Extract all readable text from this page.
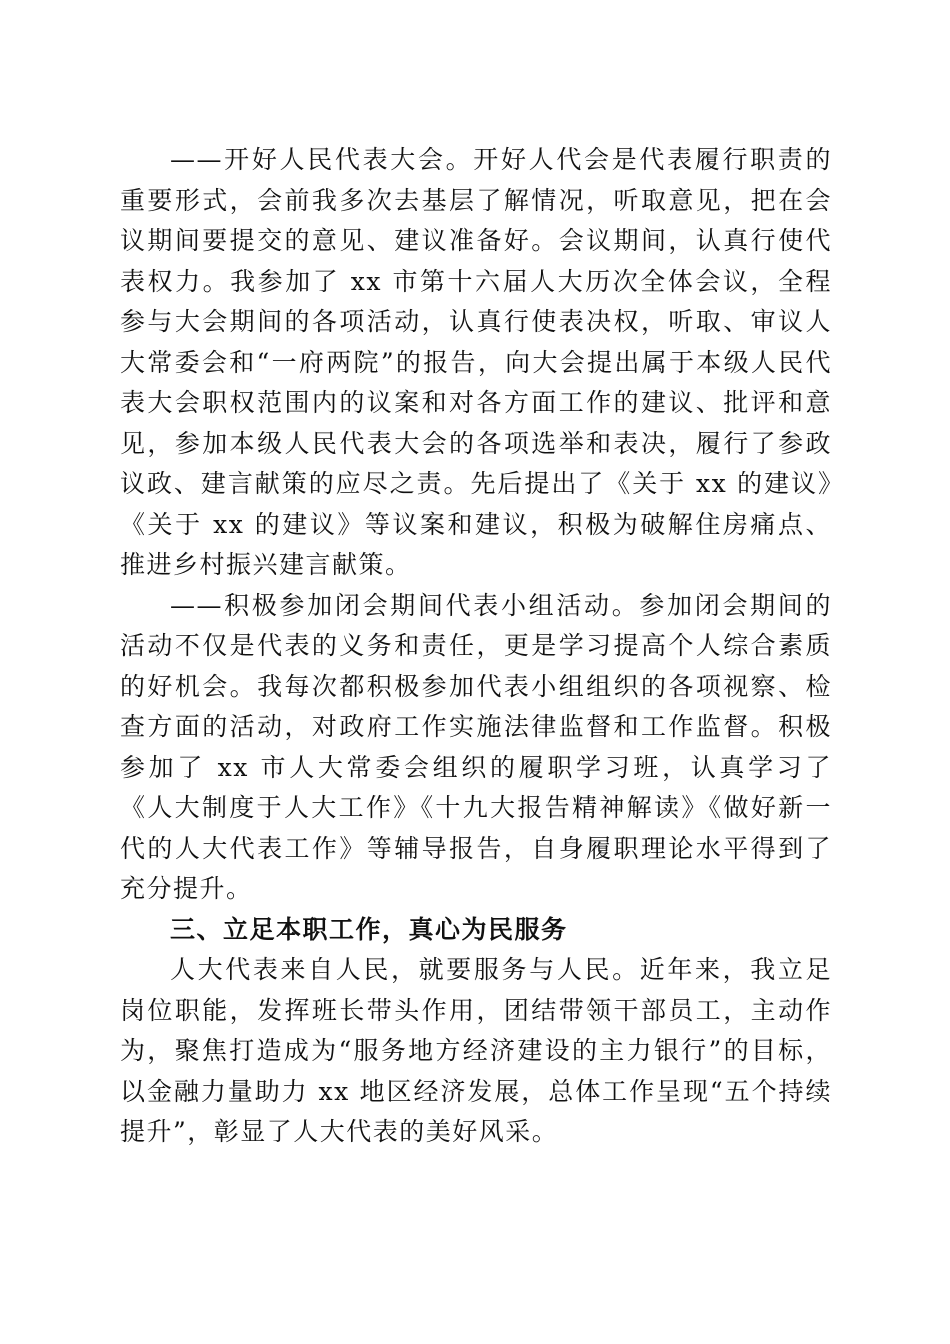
——开好人民代表大会。开好人代会是代表履行职责的重要形式，会前我多次去基层了解情况，听取意见，把在会议期间要提交的意见、建议准备好。会议期间，认真行使代表权力。我参加了 xx 市第十六届人大历次全体会议，全程参与大会期间的各项活动，认真行使表决权，听取、审议人大常委会和“一府两院”的报告，向大会提出属于本级人民代表大会职权范围内的议案和对各方面工作的建议、批评和意见，参加本级人民代表大会的各项选举和表决，履行了参政议政、建言献策的应尽之责。先后提出了《关于 xx 的建议》《关于 xx 的建议》等议案和建议，积极为破解住房痛点、推进乡村振兴建言献策。

——积极参加闭会期间代表小组活动。参加闭会期间的活动不仅是代表的义务和责任，更是学习提高个人综合素质的好机会。我每次都积极参加代表小组组织的各项视察、检查方面的活动，对政府工作实施法律监督和工作监督。积极参加了 xx 市人大常委会组织的履职学习班，认真学习了《人大制度于人大工作》《十九大报告精神解读》《做好新一代的人大代表工作》等辅导报告，自身履职理论水平得到了充分提升。

三、立足本职工作，真心为民服务

人大代表来自人民，就要服务与人民。近年来，我立足岗位职能，发挥班长带头作用，团结带领干部员工，主动作为，聚焦打造成为“服务地方经济建设的主力银行”的目标，以金融力量助力 xx 地区经济发展，总体工作呈现“五个持续提升”，彰显了人大代表的美好风采。
